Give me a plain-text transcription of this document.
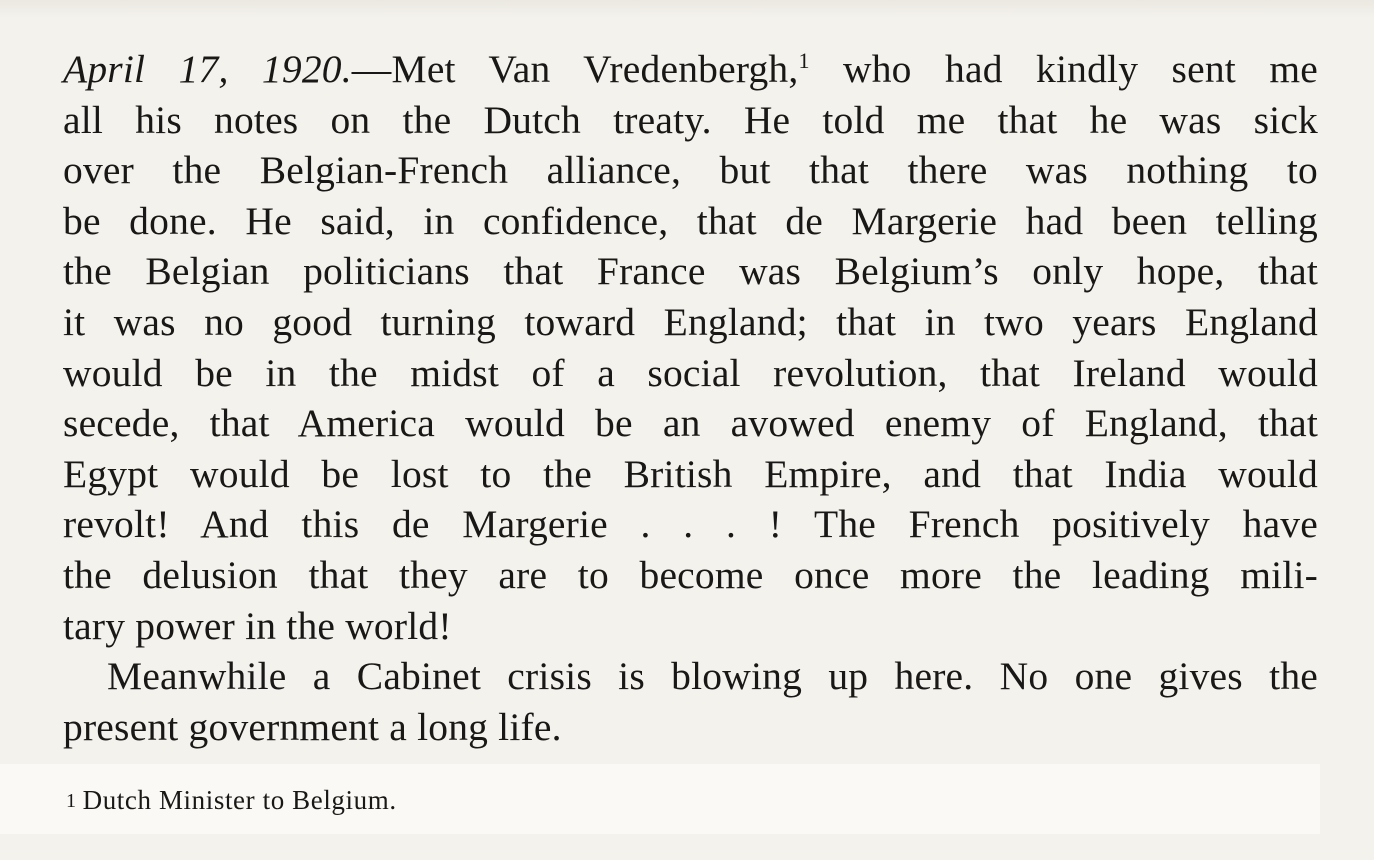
April 17, 1920.—Met Van Vredenbergh,$^1$ who had kindly sent me
all his notes on the Dutch treaty. He told me that he was sick
over the Belgian-French alliance, but that there was nothing to
be done. He said, in confidence, that de Margerie had been telling
the Belgian politicians that France was Belgium’s only hope, that
it was no good turning toward England; that in two years England
would be in the midst of a social revolution, that Ireland would
secede, that America would be an avowed enemy of England, that
Egypt would be lost to the British Empire, and that India would
revolt! And this de Margerie . . . ! The French positively have
the delusion that they are to become once more the leading mili-
tary power in the world!
Meanwhile a Cabinet crisis is blowing up here. No one gives the
present government a long life.
1 Dutch Minister to Belgium.
